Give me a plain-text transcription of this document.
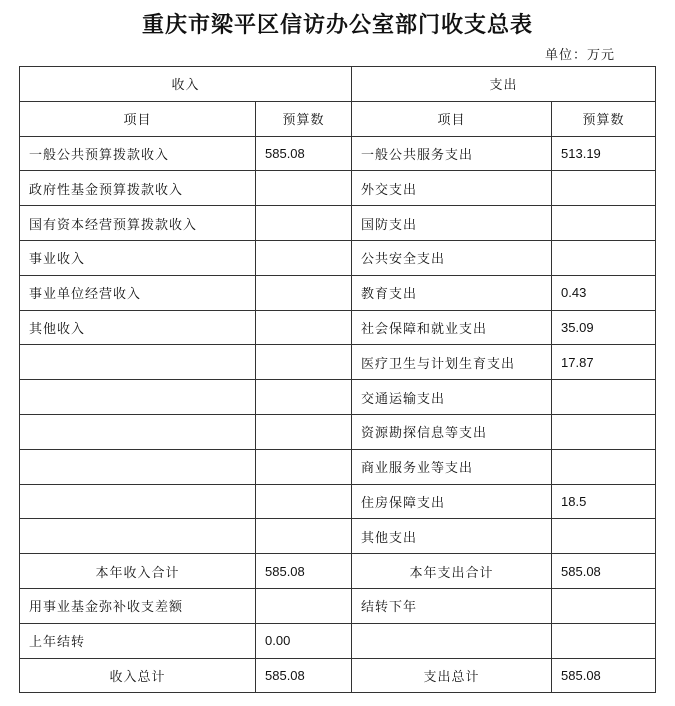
重庆市梁平区信访办公室部门收支总表
单位：万元
收入		支出	
项目	预算数	项目	预算数
一般公共预算拨款收入	585.08	一般公共服务支出	513.19
政府性基金预算拨款收入		外交支出	
国有资本经营预算拨款收入		国防支出	
事业收入		公共安全支出	
事业单位经营收入		教育支出	0.43
其他收入		社会保障和就业支出	35.09
		医疗卫生与计划生育支出	17.87
		交通运输支出	
		资源勘探信息等支出	
		商业服务业等支出	
		住房保障支出	18.5
		其他支出	
本年收入合计	585.08	本年支出合计	585.08
用事业基金弥补收支差额		结转下年	
上年结转	0.00		
收入总计	585.08	支出总计	585.08
